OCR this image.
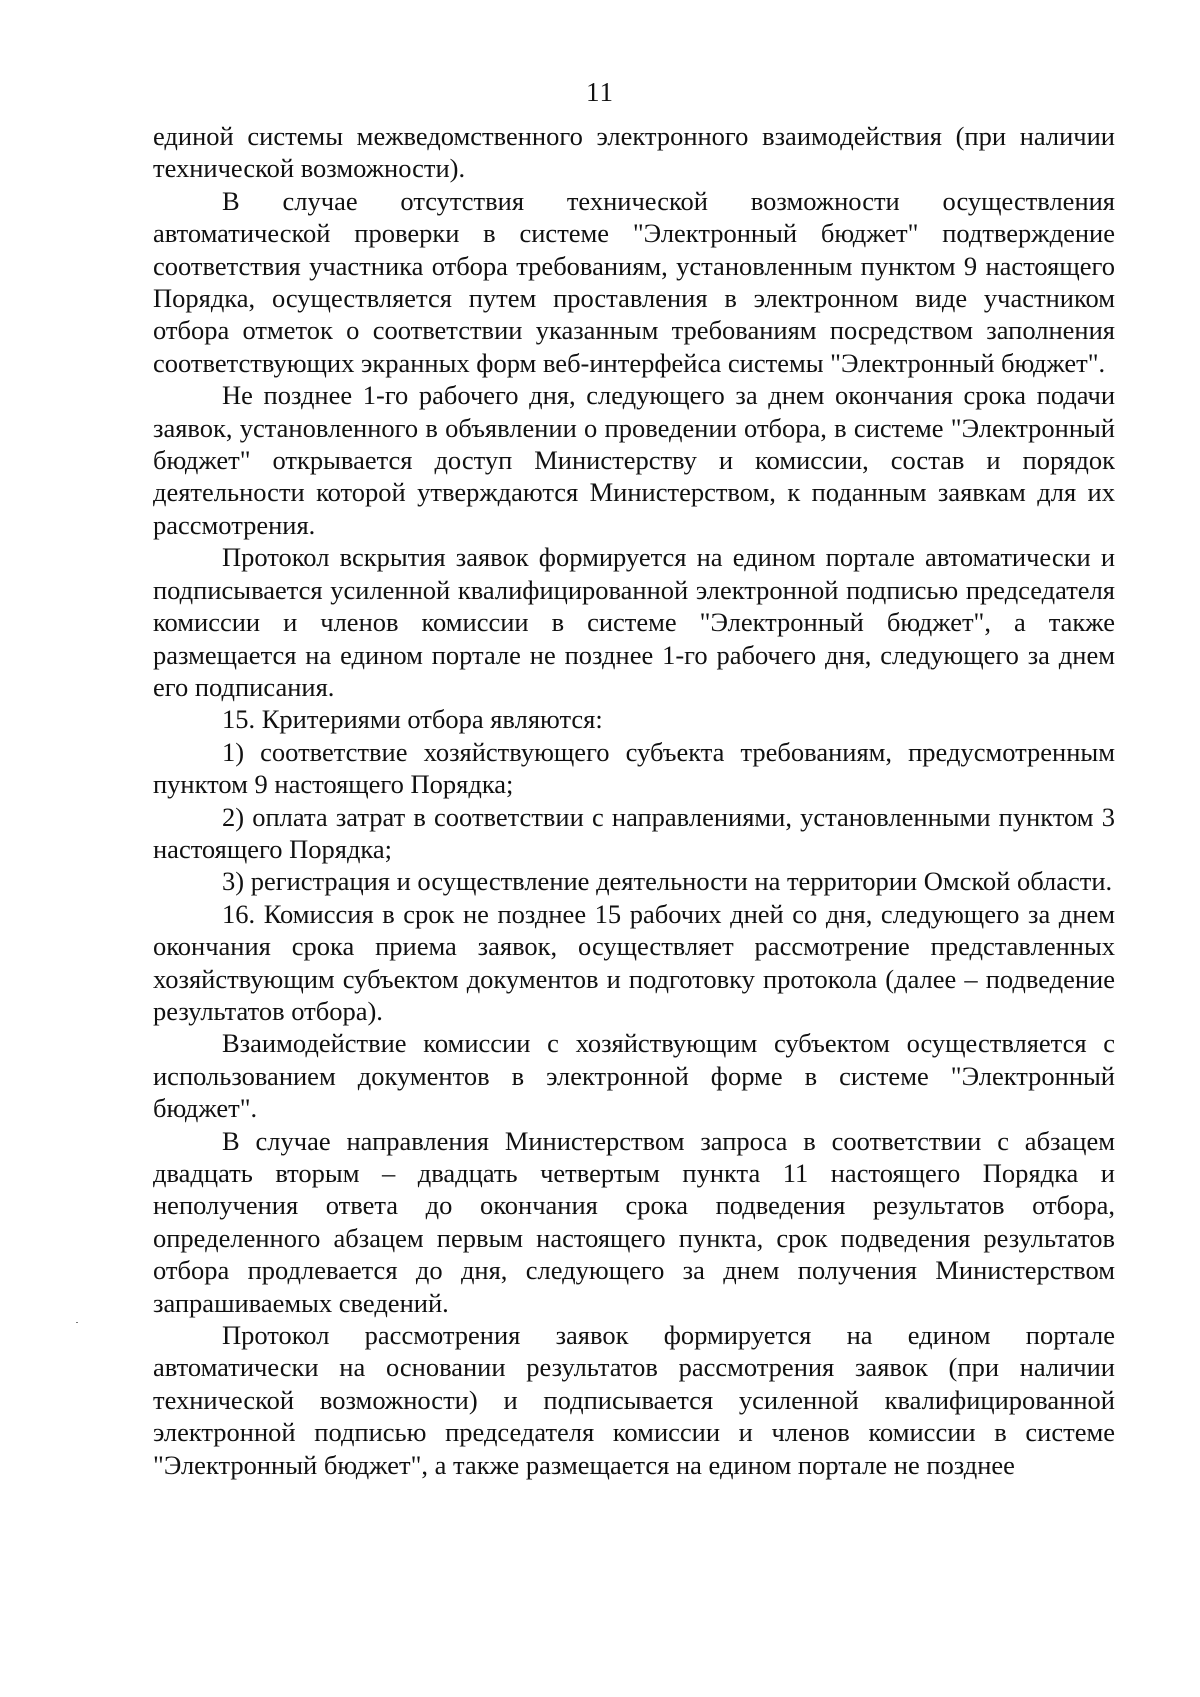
11

единой системы межведомственного электронного взаимодействия (при наличии технической возможности).

В случае отсутствия технической возможности осуществления автоматической проверки в системе "Электронный бюджет" подтверждение соответствия участника отбора требованиям, установленным пунктом 9 настоящего Порядка, осуществляется путем проставления в электронном виде участником отбора отметок о соответствии указанным требованиям посредством заполнения соответствующих экранных форм веб-интерфейса системы "Электронный бюджет".

Не позднее 1-го рабочего дня, следующего за днем окончания срока подачи заявок, установленного в объявлении о проведении отбора, в системе "Электронный бюджет" открывается доступ Министерству и комиссии, состав и порядок деятельности которой утверждаются Министерством, к поданным заявкам для их рассмотрения.

Протокол вскрытия заявок формируется на едином портале автоматически и подписывается усиленной квалифицированной электронной подписью председателя комиссии и членов комиссии в системе "Электронный бюджет", а также размещается на едином портале не позднее 1-го рабочего дня, следующего за днем его подписания.

15. Критериями отбора являются:

1) соответствие хозяйствующего субъекта требованиям, предусмотренным пунктом 9 настоящего Порядка;

2) оплата затрат в соответствии с направлениями, установленными пунктом 3 настоящего Порядка;

3) регистрация и осуществление деятельности на территории Омской области.

16. Комиссия в срок не позднее 15 рабочих дней со дня, следующего за днем окончания срока приема заявок, осуществляет рассмотрение представленных хозяйствующим субъектом документов и подготовку протокола (далее – подведение результатов отбора).

Взаимодействие комиссии с хозяйствующим субъектом осуществляется с использованием документов в электронной форме в системе "Электронный бюджет".

В случае направления Министерством запроса в соответствии с абзацем двадцать вторым – двадцать четвертым пункта 11 настоящего Порядка и неполучения ответа до окончания срока подведения результатов отбора, определенного абзацем первым настоящего пункта, срок подведения результатов отбора продлевается до дня, следующего за днем получения Министерством запрашиваемых сведений.

Протокол рассмотрения заявок формируется на едином портале автоматически на основании результатов рассмотрения заявок (при наличии технической возможности) и подписывается усиленной квалифицированной электронной подписью председателя комиссии и членов комиссии в системе "Электронный бюджет", а также размещается на едином портале не позднее
